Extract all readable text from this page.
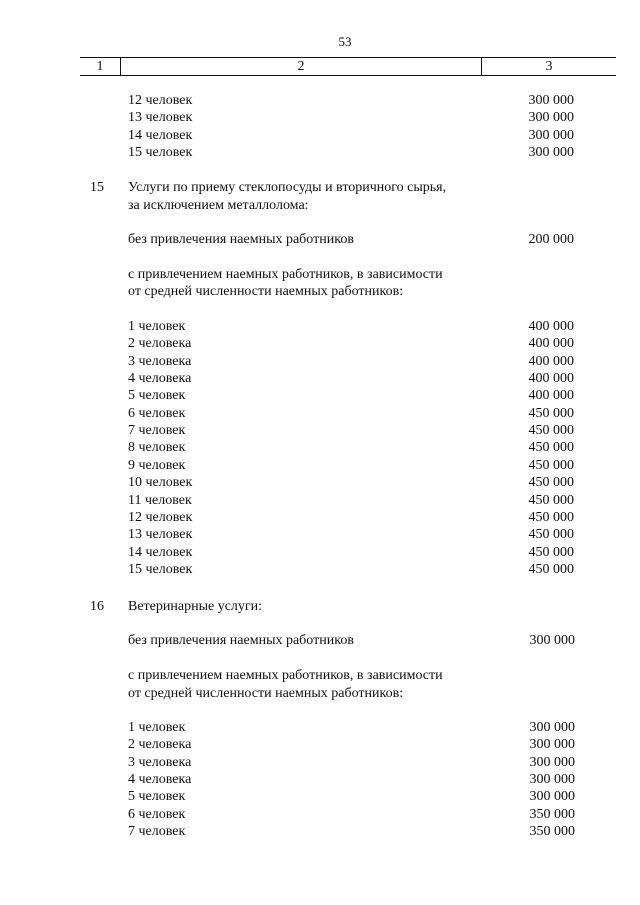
53
1	2	3
12 человек	300 000
13 человек	300 000
14 человек	300 000
15 человек	300 000
15 Услуги по приему стеклопосуды и вторичного сырья,
за исключением металлолома:
без привлечения наемных работников	200 000
с привлечением наемных работников, в зависимости
от средней численности наемных работников:
1 человек	400 000
2 человека	400 000
3 человека	400 000
4 человека	400 000
5 человек	400 000
6 человек	450 000
7 человек	450 000
8 человек	450 000
9 человек	450 000
10 человек	450 000
11 человек	450 000
12 человек	450 000
13 человек	450 000
14 человек	450 000
15 человек	450 000
16 Ветеринарные услуги:
без привлечения наемных работников	300 000
с привлечением наемных работников, в зависимости
от средней численности наемных работников:
1 человек	300 000
2 человека	300 000
3 человека	300 000
4 человека	300 000
5 человек	300 000
6 человек	350 000
7 человек	350 000
